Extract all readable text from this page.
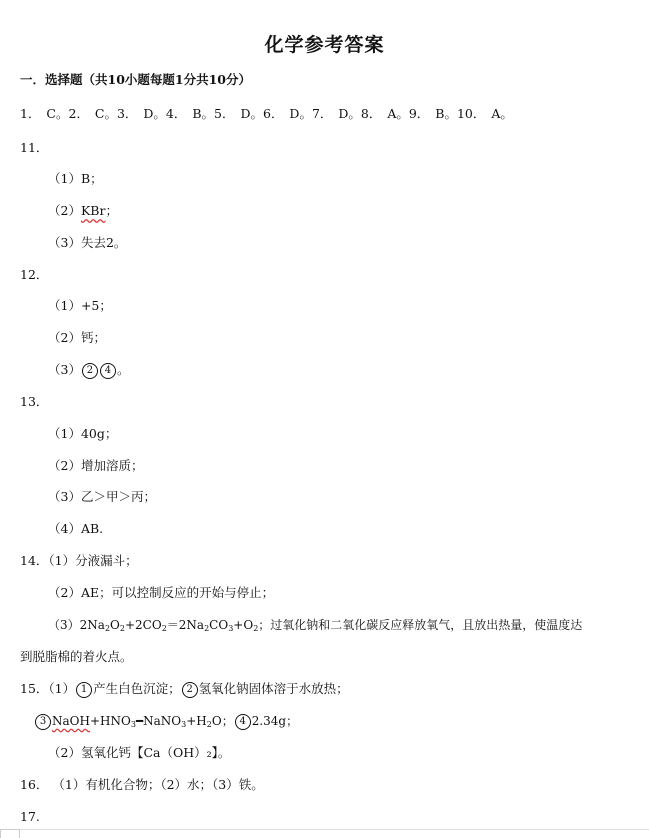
化学参考答案
一．选择题（共10小题每题1分共10分）
1． C。2． C。3． D。4． B。5． D。6． D。7． D。8． A。9． B。10． A。
11．
（1）B；
（2）KBr；
（3）失去2。
12．
（1）+5；
（2）钙；
（3） 2 4 。
13．
（1）40g；
（2）增加溶质；
（3）乙＞甲＞丙；
（4）AB.
14．（1）分液漏斗；
（2）AE；可以控制反应的开始与停止；
$(3)2Na_2O_2+2CO_2=2Na_2CO_3+O_2$；过氧化钠和二氧化碳反应释放氧气，且放出热量，使温度达
到脱脂棉的着火点。
15．（1） 1 产生白色沉淀； 2 氢氧化钠固体溶于水放热；
3 $NaOH+HNO_3━NaNO_3+H_2O$； 4 2.34g；
（2）氢氧化钙【Ca（OH）₂】。
16． （1）有机化合物；（2）水；（3）铁。
17.
